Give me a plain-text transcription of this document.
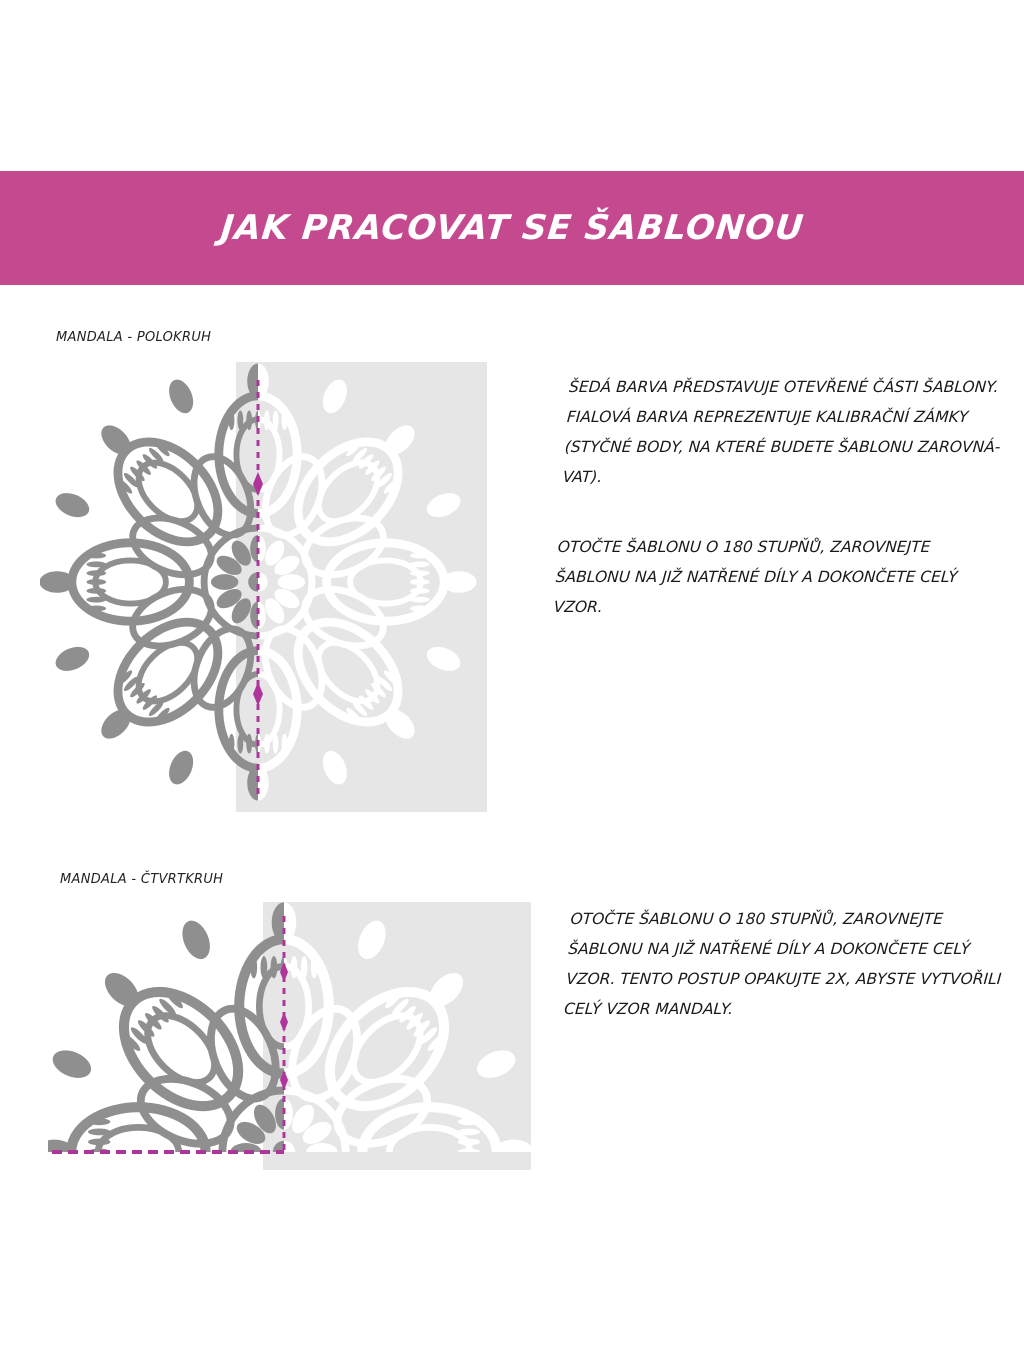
JAK PRACOVAT SE ŠABLONOU
MANDALA - POLOKRUH

ŠEDÁ BARVA PŘEDSTAVUJE OTEVŘENÉ ČÁSTI ŠABLONY. FIALOVÁ BARVA REPREZENTUJE KALIBRAČNÍ ZÁMKY (STYČNÉ BODY, NA KTERÉ BUDETE ŠABLONU ZAROVNÁ- VAT).

OTOČTE ŠABLONU O 180 STUPŇŮ, ZAROVNEJTE ŠABLONU NA JIŽ NATŘENÉ DÍLY A DOKONČETE CELÝ VZOR.

MANDALA - ČTVRTKRUH

OTOČTE ŠABLONU O 180 STUPŇŮ, ZAROVNEJTE ŠABLONU NA JIŽ NATŘENÉ DÍLY A DOKONČETE CELÝ VZOR. TENTO POSTUP OPAKUJTE 2X, ABYSTE VYTVOŘILI CELÝ VZOR MANDALY.
